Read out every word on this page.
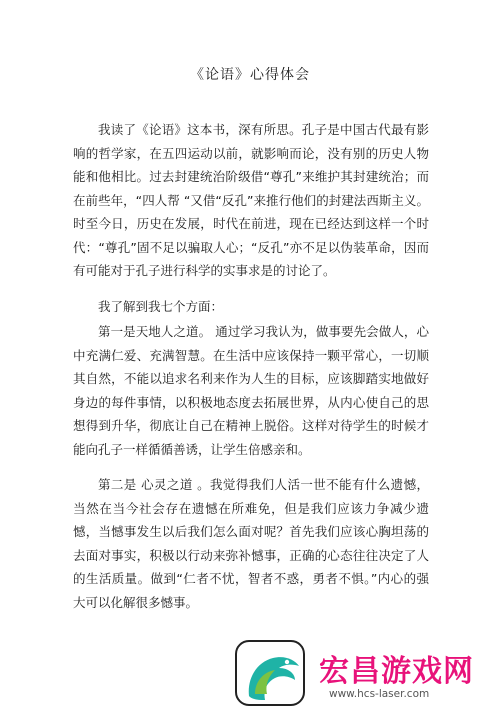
《论语》心得体会

我读了《论语》这本书，深有所思。孔子是中国古代最有影响的哲学家，在五四运动以前，就影响而论，没有别的历史人物能和他相比。过去封建统治阶级借“尊孔”来维护其封建统治；而在前些年，“四人帮 “又借“反孔”来推行他们的封建法西斯主义。时至今日，历史在发展，时代在前进，现在已经达到这样一个时代：“尊孔”固不足以骗取人心；“反孔”亦不足以伪装革命，因而有可能对于孔子进行科学的实事求是的讨论了。

我了解到我七个方面：

第一是天地人之道。 通过学习我认为，做事要先会做人，心中充满仁爱、充满智慧。在生活中应该保持一颗平常心，一切顺其自然，不能以追求名利来作为人生的目标，应该脚踏实地做好身边的每件事情，以积极地态度去拓展世界，从内心使自己的思想得到升华，彻底让自己在精神上脱俗。这样对待学生的时候才能向孔子一样循循善诱，让学生倍感亲和。

第二是 心灵之道 。我觉得我们人活一世不能有什么遗憾，当然在当今社会存在遗憾在所难免，但是我们应该力争减少遗憾，当憾事发生以后我们怎么面对呢？首先我们应该心胸坦荡的去面对事实，积极以行动来弥补憾事，正确的心态往往决定了人的生活质量。做到“仁者不忧，智者不惑，勇者不惧。”内心的强大可以化解很多憾事。

宏昌游戏网
www.hcs-laser.com
